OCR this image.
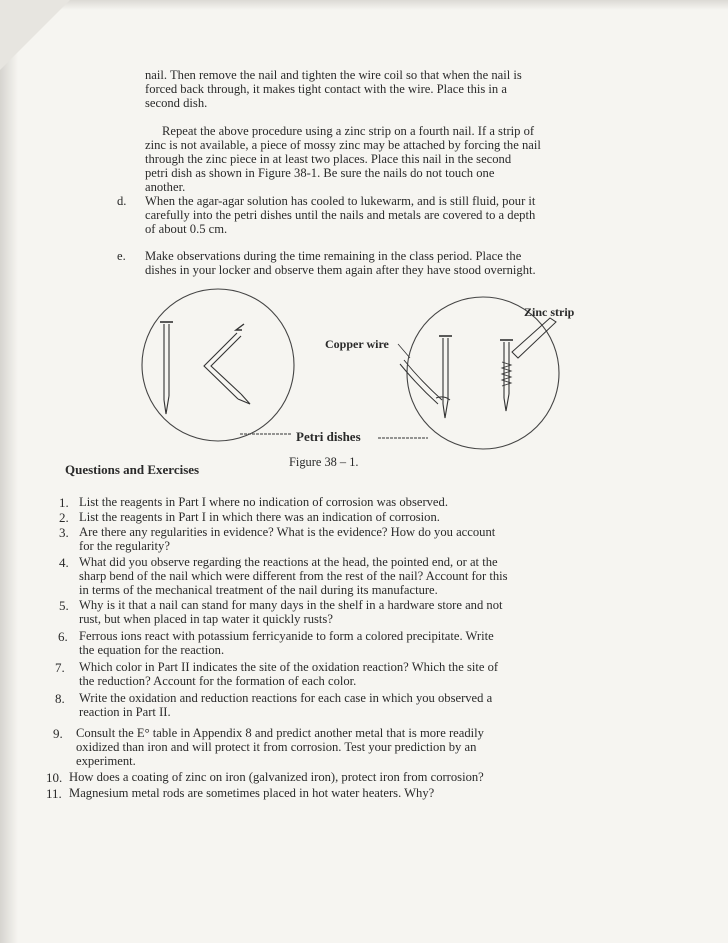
nail. Then remove the nail and tighten the wire coil so that when the nail is
forced back through, it makes tight contact with the wire. Place this in a
second dish.
Repeat the above procedure using a zinc strip on a fourth nail. If a strip of
zinc is not available, a piece of mossy zinc may be attached by forcing the nail
through the zinc piece in at least two places. Place this nail in the second
petri dish as shown in Figure 38-1. Be sure the nails do not touch one
another.
d. When the agar-agar solution has cooled to lukewarm, and is still fluid, pour it
carefully into the petri dishes until the nails and metals are covered to a depth
of about 0.5 cm.
e. Make observations during the time remaining in the class period. Place the
dishes in your locker and observe them again after they have stood overnight.
Zinc strip
Copper wire
Petri dishes
Figure 38 – 1.
Questions and Exercises
1. List the reagents in Part I where no indication of corrosion was observed.
2. List the reagents in Part I in which there was an indication of corrosion.
3. Are there any regularities in evidence? What is the evidence? How do you account
for the regularity?
4. What did you observe regarding the reactions at the head, the pointed end, or at the
sharp bend of the nail which were different from the rest of the nail? Account for this
in terms of the mechanical treatment of the nail during its manufacture.
5. Why is it that a nail can stand for many days in the shelf in a hardware store and not
rust, but when placed in tap water it quickly rusts?
6. Ferrous ions react with potassium ferricyanide to form a colored precipitate. Write
the equation for the reaction.
7. Which color in Part II indicates the site of the oxidation reaction? Which the site of
the reduction? Account for the formation of each color.
8. Write the oxidation and reduction reactions for each case in which you observed a
reaction in Part II.
9. Consult the E° table in Appendix 8 and predict another metal that is more readily
oxidized than iron and will protect it from corrosion. Test your prediction by an
experiment.
10. How does a coating of zinc on iron (galvanized iron), protect iron from corrosion?
11. Magnesium metal rods are sometimes placed in hot water heaters. Why?
